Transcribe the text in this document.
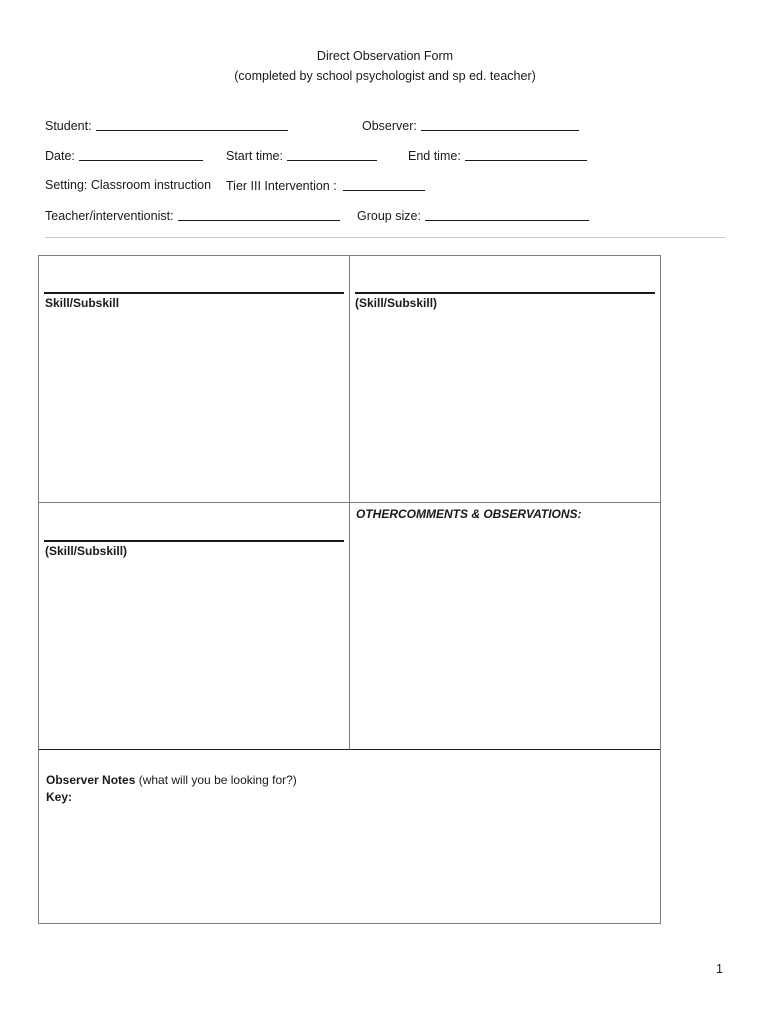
Direct Observation Form
(completed by school psychologist and sp ed. teacher)
Student:	Observer:
Date:	Start time:	End time:
Setting: Classroom instruction Tier III Intervention :
Teacher/interventionist:	Group size:
Skill/Subskill	(Skill/Subskill)
(Skill/Subskill)
OTHERCOMMENTS & OBSERVATIONS:
Observer Notes (what will you be looking for?)
Key:
1
